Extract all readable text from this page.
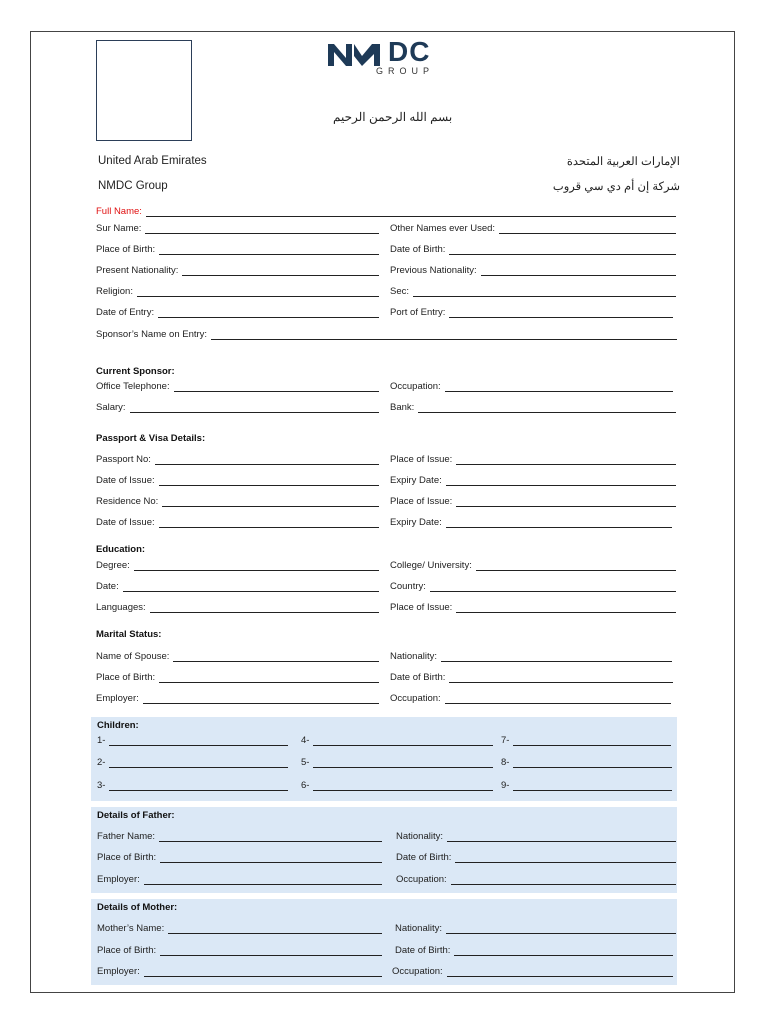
DC
GROUP
بسم الله الرحمن الرحيم
United Arab Emirates
NMDC Group
الإمارات العربية المتحدة
شركة إن أم دي سي قروب
Full Name:
Sur Name:	Other Names ever Used:
Place of Birth:	Date of Birth:
Present Nationality:	Previous Nationality:
Religion:	Sec:
Date of Entry:	Port of Entry:
Sponsor’s Name on Entry:
Current Sponsor:
Office Telephone:	Occupation:
Salary:	Bank:
Passport & Visa Details:
Passport No:	Place of Issue:
Date of Issue:	Expiry Date:
Residence No:	Place of Issue:
Date of Issue:	Expiry Date:
Education:
Degree:	College/ University:
Date:	Country:
Languages:	Place of Issue:
Marital Status:
Name of Spouse:	Nationality:
Place of Birth:	Date of Birth:
Employer:	Occupation:
Children:
1-
2-
3-
4-
5-
6-
7-
8-
9-
Details of Father:
Father Name:	Nationality:
Place of Birth:	Date of Birth:
Employer:	Occupation:
Details of Mother:
Mother’s Name:	Nationality:
Place of Birth:	Date of Birth:
Employer:	Occupation:
